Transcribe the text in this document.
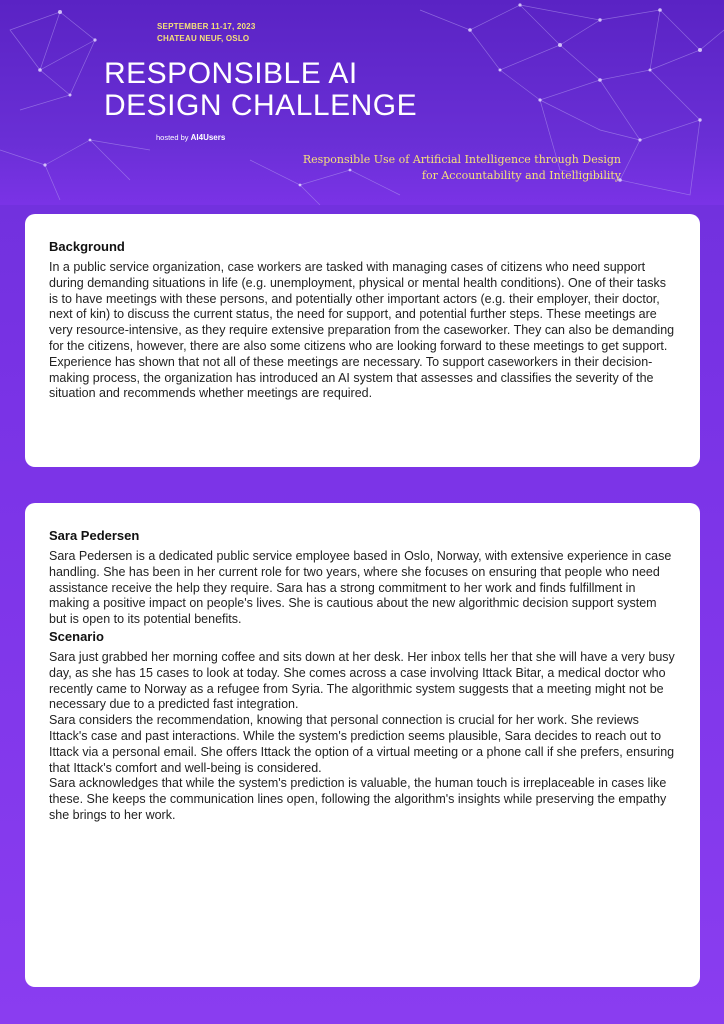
SEPTEMBER 11-17, 2023
CHATEAU NEUF, OSLO
RESPONSIBLE AI
DESIGN CHALLENGE
hosted by AI4Users
Responsible Use of Artificial Intelligence through Design
for Accountability and Intelligibility
Background

In a public service organization, case workers are tasked with managing cases of citizens who need support during demanding situations in life (e.g. unemployment, physical or mental health conditions). One of their tasks is to have meetings with these persons, and potentially other important actors (e.g. their employer, their doctor, next of kin) to discuss the current status, the need for support, and potential further steps. These meetings are very resource-intensive, as they require extensive preparation from the caseworker. They can also be demanding for the citizens, however, there are also some citizens who are looking forward to these meetings to get support. Experience has shown that not all of these meetings are necessary. To support caseworkers in their decision-making process, the organization has introduced an AI system that assesses and classifies the severity of the situation and recommends whether meetings are required.

Sara Pedersen

Sara Pedersen is a dedicated public service employee based in Oslo, Norway, with extensive experience in case handling. She has been in her current role for two years, where she focuses on ensuring that people who need assistance receive the help they require. Sara has a strong commitment to her work and finds fulfillment in making a positive impact on people's lives. She is cautious about the new algorithmic decision support system but is open to its potential benefits.

Scenario

Sara just grabbed her morning coffee and sits down at her desk. Her inbox tells her that she will have a very busy day, as she has 15 cases to look at today. She comes across a case involving Ittack Bitar, a medical doctor who recently came to Norway as a refugee from Syria. The algorithmic system suggests that a meeting might not be necessary due to a predicted fast integration.

Sara considers the recommendation, knowing that personal connection is crucial for her work. She reviews Ittack's case and past interactions. While the system's prediction seems plausible, Sara decides to reach out to Ittack via a personal email. She offers Ittack the option of a virtual meeting or a phone call if she prefers, ensuring that Ittack's comfort and well-being is considered.

Sara acknowledges that while the system's prediction is valuable, the human touch is irreplaceable in cases like these. She keeps the communication lines open, following the algorithm's insights while preserving the empathy she brings to her work.
